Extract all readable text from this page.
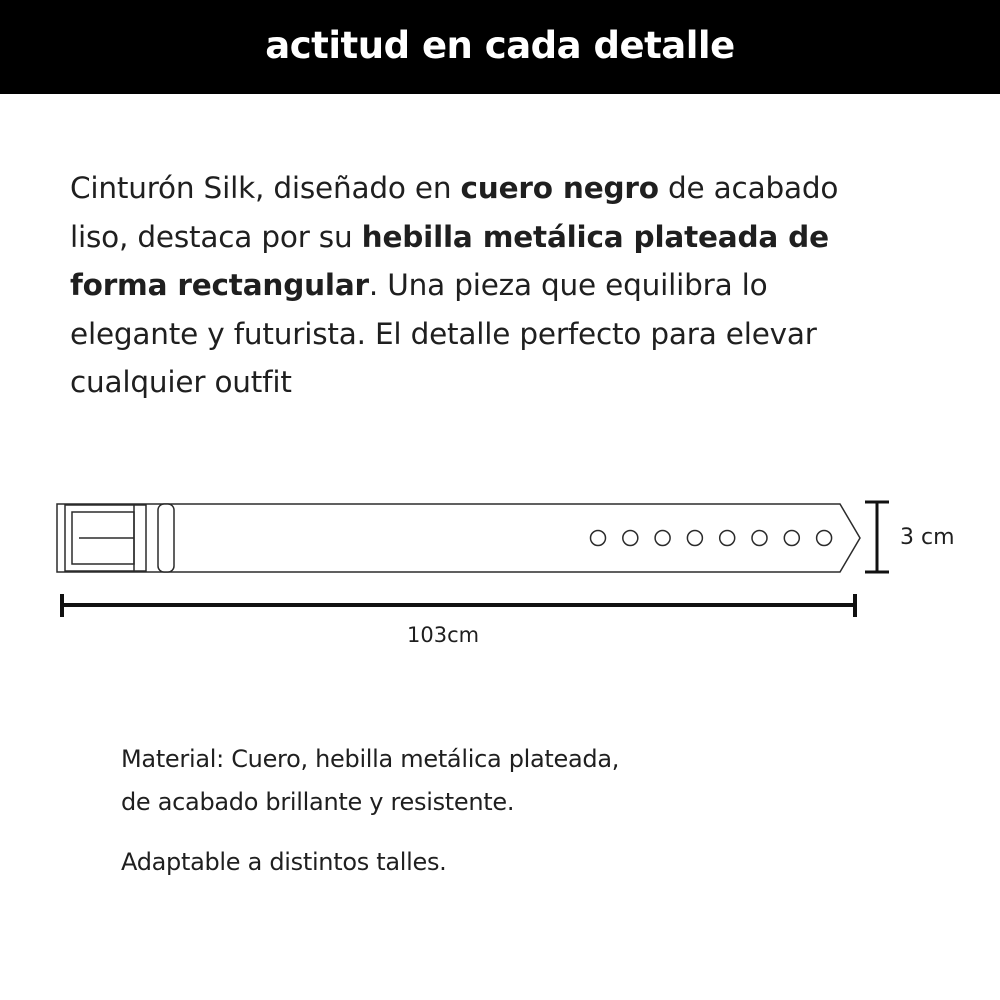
actitud en cada detalle

Cinturón Silk, diseñado en cuero negro de acabado
liso, destaca por su hebilla metálica plateada de
forma rectangular. Una pieza que equilibra lo
elegante y futurista. El detalle perfecto para elevar
cualquier outfit

3 cm
103cm

Material: Cuero, hebilla metálica plateada,

de acabado brillante y resistente.

Adaptable a distintos talles.
